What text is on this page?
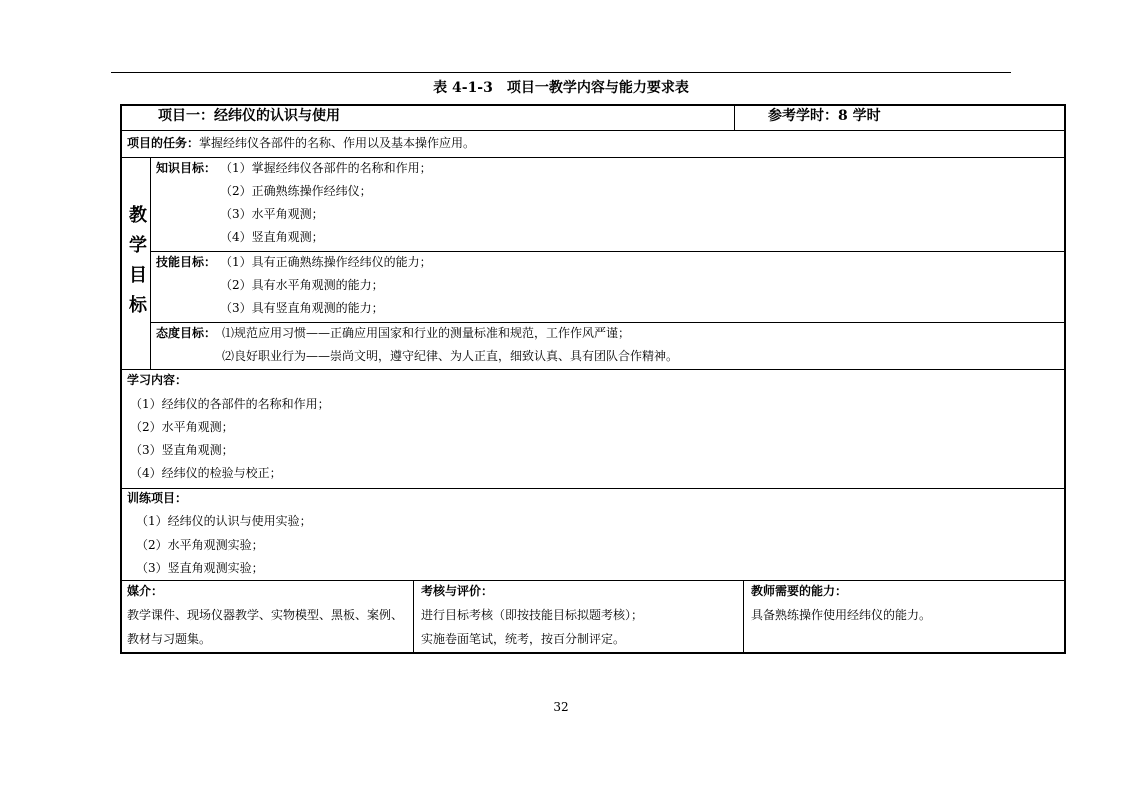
表 4-1-3　项目一教学内容与能力要求表
项目一：经纬仪的认识与使用	参考学时：8 学时
项目的任务：掌握经纬仪各部件的名称、作用以及基本操作应用。
教
学
目
标
知识目标： （1）掌握经纬仪各部件的名称和作用；
（2）正确熟练操作经纬仪；
（3）水平角观测；
（4）竖直角观测；
技能目标： （1）具有正确熟练操作经纬仪的能力；
（2）具有水平角观测的能力；
（3）具有竖直角观测的能力；
态度目标： ⑴规范应用习惯——正确应用国家和行业的测量标准和规范，工作作风严谨；
⑵良好职业行为——崇尚文明，遵守纪律、为人正直，细致认真、具有团队合作精神。
学习内容：
（1）经纬仪的各部件的名称和作用；
（2）水平角观测；
（3）竖直角观测；
（4）经纬仪的检验与校正；
训练项目：
（1）经纬仪的认识与使用实验；
（2）水平角观测实验；
（3）竖直角观测实验；
媒介：
教学课件、现场仪器教学、实物模型、黑板、案例、
教材与习题集。
考核与评价：
进行目标考核（即按技能目标拟题考核）；
实施卷面笔试，统考，按百分制评定。
教师需要的能力：
具备熟练操作使用经纬仪的能力。
32
